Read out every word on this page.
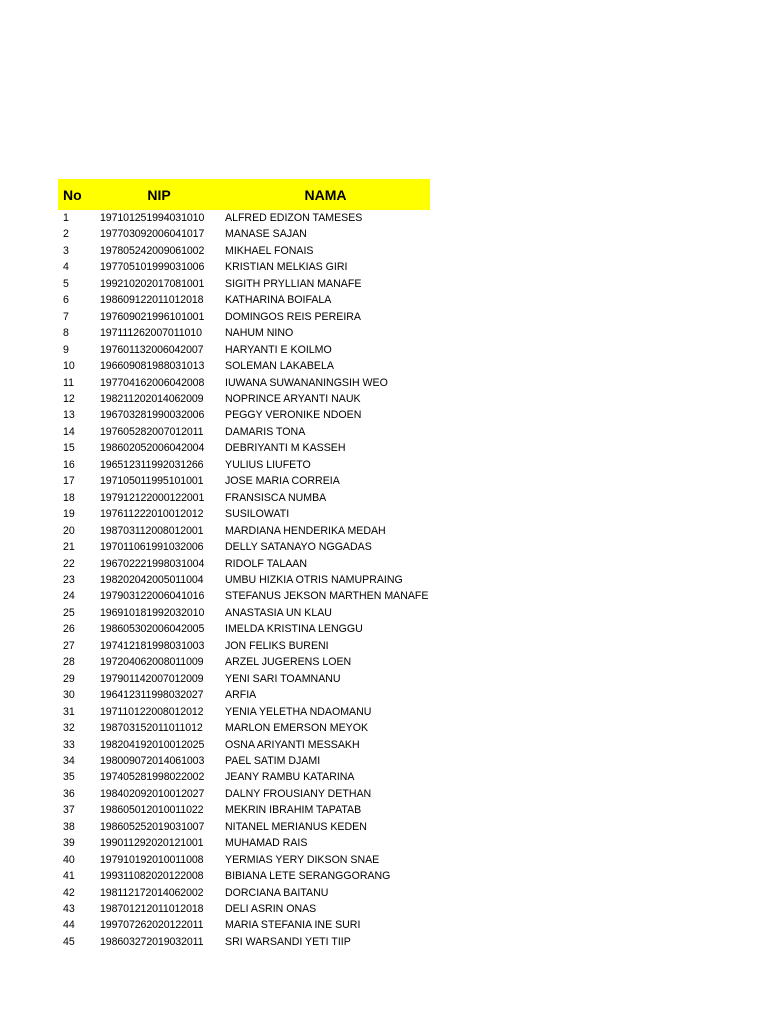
No	NIP	NAMA
1	197101251994031010	ALFRED EDIZON TAMESES
2	197703092006041017	MANASE SAJAN
3	197805242009061002	MIKHAEL FONAIS
4	197705101999031006	KRISTIAN MELKIAS GIRI
5	199210202017081001	SIGITH PRYLLIAN MANAFE
6	198609122011012018	KATHARINA BOIFALA
7	197609021996101001	DOMINGOS REIS PEREIRA
8	197111262007011010	NAHUM NINO
9	197601132006042007	HARYANTI E KOILMO
10	196609081988031013	SOLEMAN LAKABELA
11	197704162006042008	IUWANA SUWANANINGSIH WEO
12	198211202014062009	NOPRINCE ARYANTI NAUK
13	196703281990032006	PEGGY VERONIKE NDOEN
14	197605282007012011	DAMARIS TONA
15	198602052006042004	DEBRIYANTI M KASSEH
16	196512311992031266	YULIUS LIUFETO
17	197105011995101001	JOSE MARIA CORREIA
18	197912122000122001	FRANSISCA NUMBA
19	197611222010012012	SUSILOWATI
20	198703112008012001	MARDIANA HENDERIKA MEDAH
21	197011061991032006	DELLY SATANAYO NGGADAS
22	196702221998031004	RIDOLF TALAAN
23	198202042005011004	UMBU HIZKIA OTRIS NAMUPRAING
24	197903122006041016	STEFANUS JEKSON MARTHEN MANAFE
25	196910181992032010	ANASTASIA UN KLAU
26	198605302006042005	IMELDA KRISTINA LENGGU
27	197412181998031003	JON FELIKS BURENI
28	197204062008011009	ARZEL JUGERENS LOEN
29	197901142007012009	YENI SARI TOAMNANU
30	196412311998032027	ARFIA
31	197110122008012012	YENIA YELETHA NDAOMANU
32	198703152011011012	MARLON EMERSON MEYOK
33	198204192010012025	OSNA ARIYANTI MESSAKH
34	198009072014061003	PAEL SATIM DJAMI
35	197405281998022002	JEANY RAMBU KATARINA
36	198402092010012027	DALNY FROUSIANY DETHAN
37	198605012010011022	MEKRIN IBRAHIM TAPATAB
38	198605252019031007	NITANEL MERIANUS KEDEN
39	199011292020121001	MUHAMAD RAIS
40	197910192010011008	YERMIAS YERY DIKSON SNAE
41	199311082020122008	BIBIANA LETE SERANGGORANG
42	198112172014062002	DORCIANA BAITANU
43	198701212011012018	DELI ASRIN ONAS
44	199707262020122011	MARIA STEFANIA INE SURI
45	198603272019032011	SRI WARSANDI YETI TIIP
